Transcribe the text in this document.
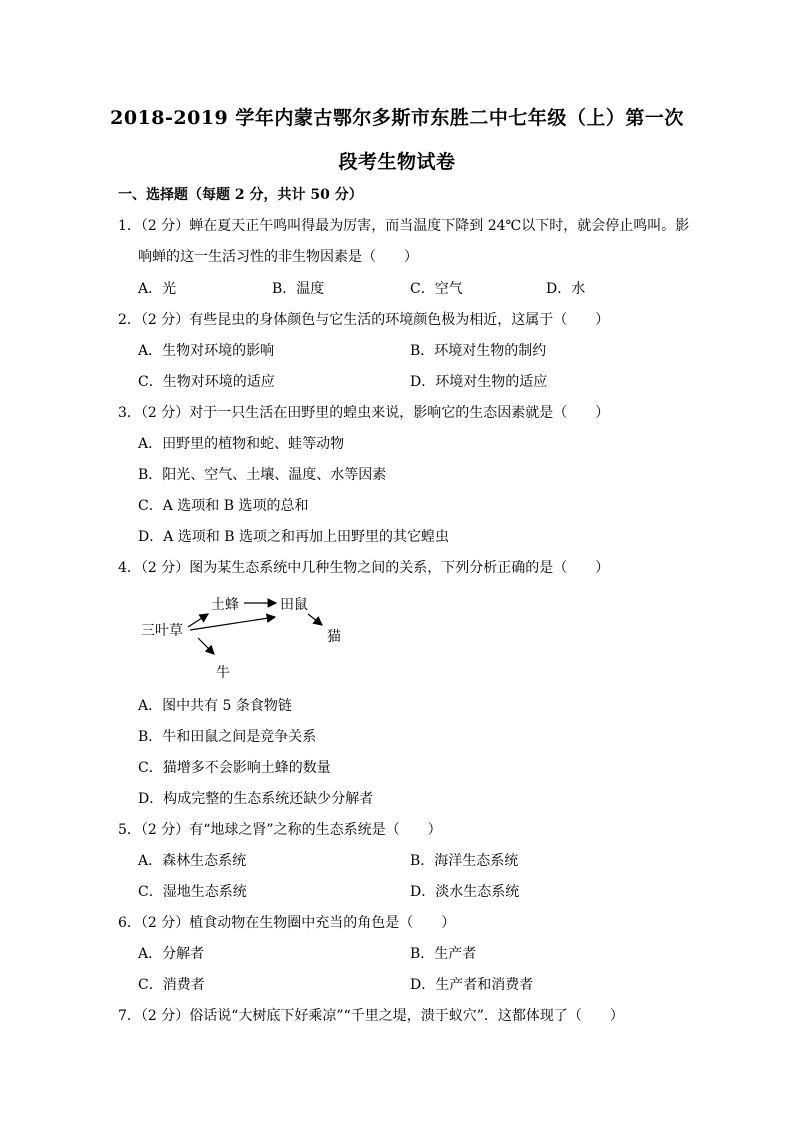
2018-2019 学年内蒙古鄂尔多斯市东胜二中七年级（上）第一次
段考生物试卷
一、选择题（每题 2 分，共计 50 分）
1．（2 分）蝉在夏天正午鸣叫得最为厉害，而当温度下降到 24℃以下时，就会停止鸣叫。影
响蝉的这一生活习性的非生物因素是（　　）
A．光	B．温度	C．空气	D．水
2．（2 分）有些昆虫的身体颜色与它生活的环境颜色极为相近，这属于（　　）
A．生物对环境的影响	B．环境对生物的制约
C．生物对环境的适应	D．环境对生物的适应
3．（2 分）对于一只生活在田野里的蝗虫来说，影响它的生态因素就是（　　）
A．田野里的植物和蛇、蛙等动物
B．阳光、空气、土壤、温度、水等因素
C．A 选项和 B 选项的总和
D．A 选项和 B 选项之和再加上田野里的其它蝗虫
4．（2 分）图为某生态系统中几种生物之间的关系，下列分析正确的是（　　）
三叶草
土蜂	田鼠
猫
牛
A．图中共有 5 条食物链
B．牛和田鼠之间是竞争关系
C．猫增多不会影响土蜂的数量
D．构成完整的生态系统还缺少分解者
5．（2 分）有“地球之肾”之称的生态系统是（　　）
A．森林生态系统	B．海洋生态系统
C．湿地生态系统	D．淡水生态系统
6．（2 分）植食动物在生物圈中充当的角色是（　　）
A．分解者	B．生产者
C．消费者	D．生产者和消费者
7．（2 分）俗话说“大树底下好乘凉”“千里之堤，溃于蚁穴”．这都体现了（　　）
